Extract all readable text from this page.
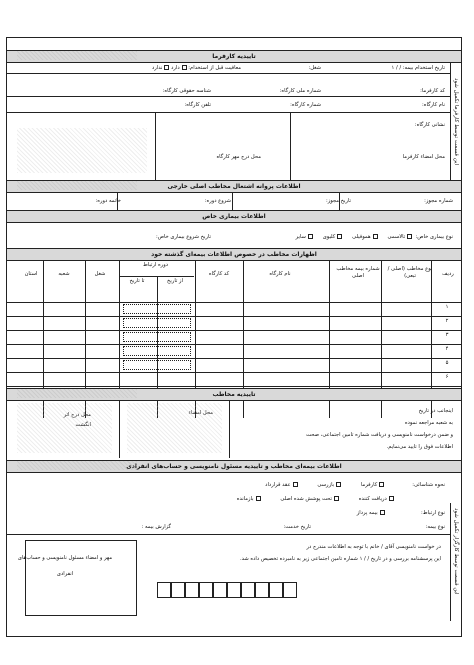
این قسمت توسط کارفرما تکمیل شود
این قسمت توسط کارگزار تکمیل شود
تاییدیه کارفرما
تاریخ استخدام بیمه: / / ۱
شغل:
معافیت قبل از استخدام: دارد ندارد
کد کارفرما:
شماره ملی کارگاه:
شناسه حقوقی کارگاه:
نام کارگاه:
شماره کارگاه:
تلفن کارگاه:
نشانی کارگاه:
محل امضاء کارفرما
محل درج مهر کارگاه
اطلاعات پروانه اشتغال مخاطب اصلی خارجی
شماره مجوز:
تاریخ مجوز:
شروع دوره:
خاتمه دوره:
اطلاعات بیماری خاص
نوع بیماری خاص:  تالاسمی      هموفیلی      کلیوی      سایر
تاریخ شروع بیماری خاص:
اظهارات مخاطب در خصوص اطلاعات بیمه‌ای گذشته خود
ردیف
نوع مخاطب (اصلی / تبعی)
شماره بیمه مخاطب اصلی
نام کارگاه
کد کارگاه
دوره ارتباط
از تاریخ
تا تاریخ
شغل
شعبه
استان
۱
۲
۳
۴
۵
۶
تاییدیه مخاطب
اینجانب در تاریخ
به شعبه مراجعه نموده
و ضمن درخواست نامنویسی و دریافت شماره تامین اجتماعی، صحت
اطلاعات فوق را تایید می‌نمایم.
محل امضاء
محل درج اثر انگشت
اطلاعات بیمه‌ای مخاطب و تاییدیه مسئول نامنویسی و حساب‌های انفرادی
نحوه شناسائی:                 کارفرما            بازرسی            عقد قرارداد
دریافت کننده            تحت پوشش شده اصلی            بازمانده
نوع ارتباط:                      بیمه پرداز
نوع بیمه:
تاریخ خدمت:
گزارش بیمه :
در خواست نامنویسی آقای / خانم با توجه به اطلاعات مندرج در
این پرسشنامه بررسی و در تاریخ / / ۱ شماره تامین اجتماعی زیر به نامبرده تخصیص داده شد.
مهر و امضاء مسئول نامنویسی و حساب‌های انفرادی
